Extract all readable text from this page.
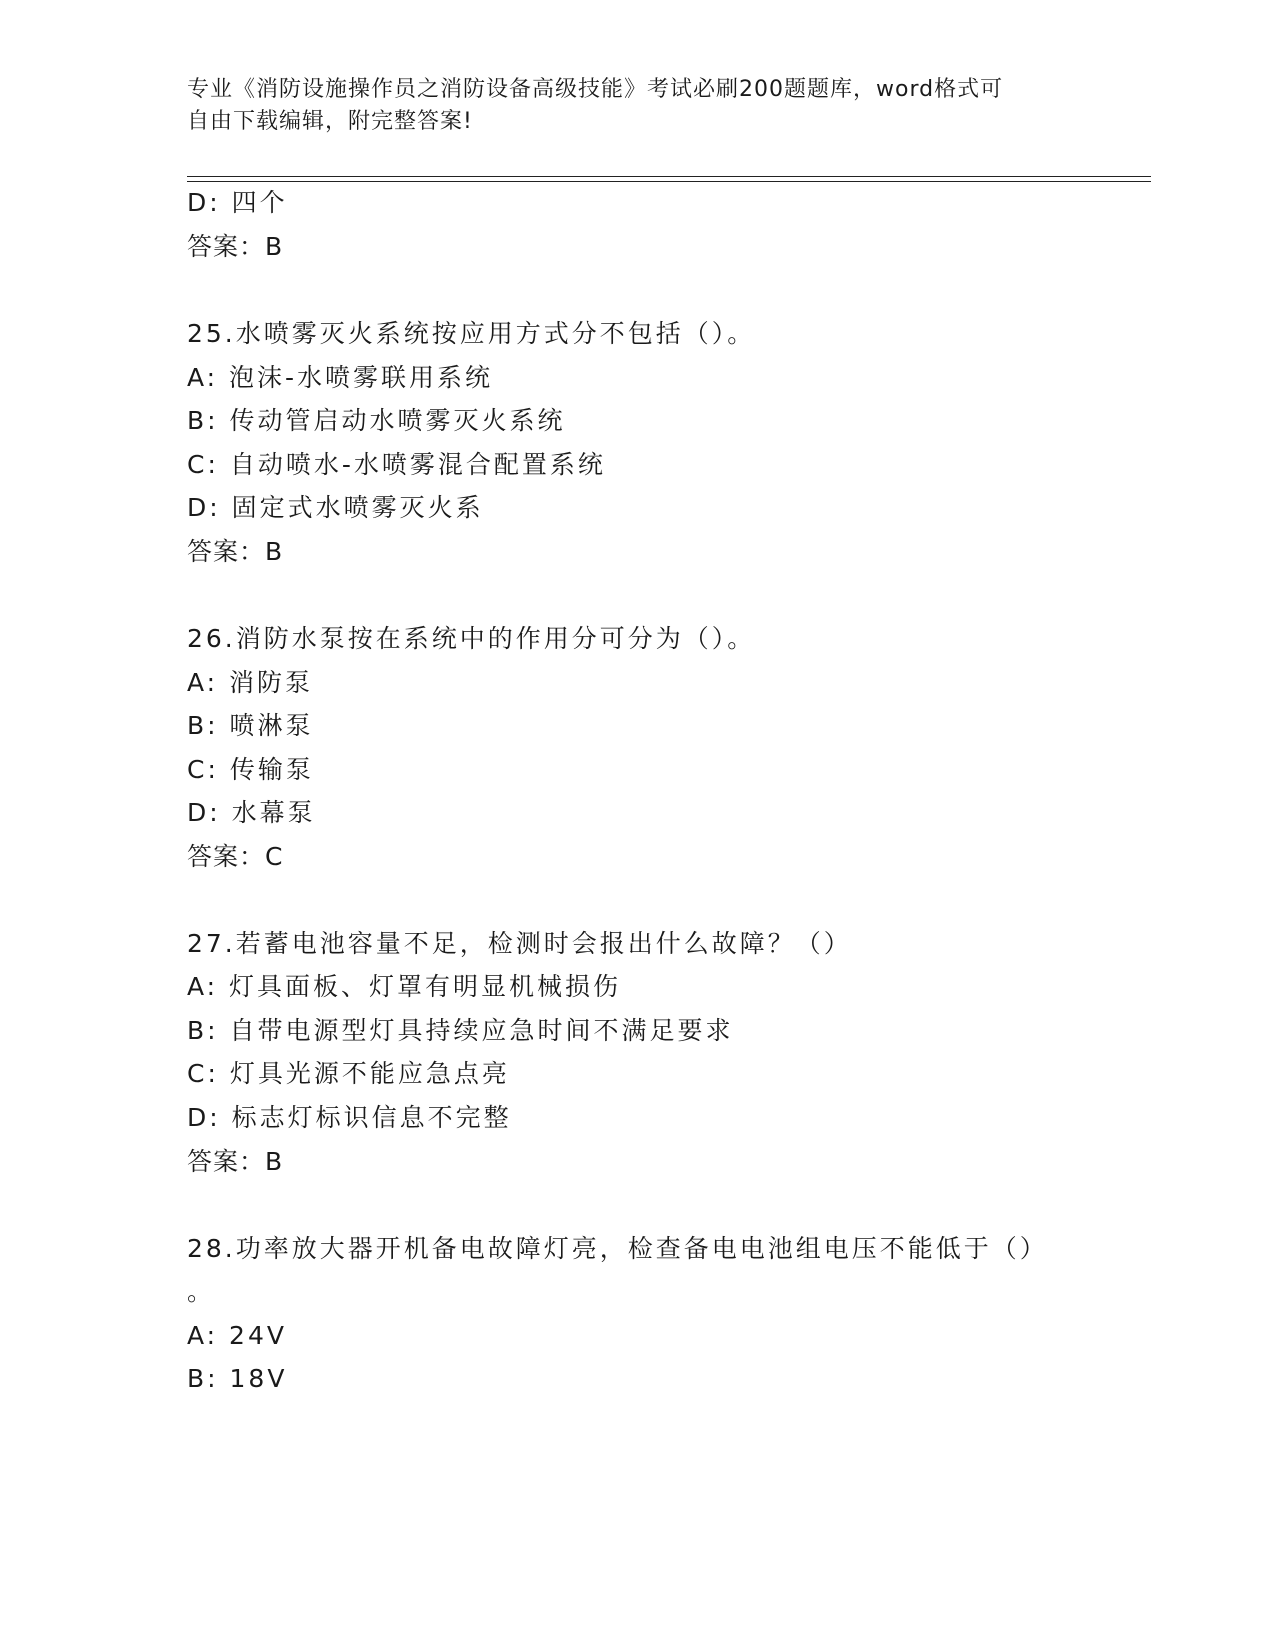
专业《消防设施操作员之消防设备高级技能》考试必刷200题题库，word格式可
自由下载编辑，附完整答案!
D: 四个
答案：B
25.水喷雾灭火系统按应用方式分不包括（）。
A: 泡沫-水喷雾联用系统
B: 传动管启动水喷雾灭火系统
C: 自动喷水-水喷雾混合配置系统
D: 固定式水喷雾灭火系
答案：B
26.消防水泵按在系统中的作用分可分为（）。
A: 消防泵
B: 喷淋泵
C: 传输泵
D: 水幕泵
答案：C
27.若蓄电池容量不足，检测时会报出什么故障？（）
A: 灯具面板、灯罩有明显机械损伤
B: 自带电源型灯具持续应急时间不满足要求
C: 灯具光源不能应急点亮
D: 标志灯标识信息不完整
答案：B
28.功率放大器开机备电故障灯亮，检查备电电池组电压不能低于（）
。
A: 24V
B: 18V
